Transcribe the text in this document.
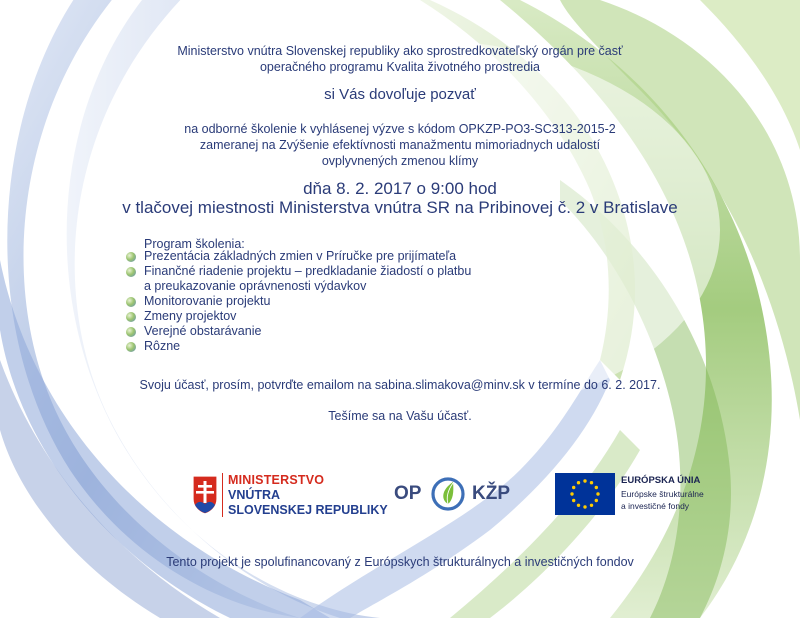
Ministerstvo vnútra Slovenskej republiky ako sprostredkovateľský orgán pre časť
operačného programu Kvalita životného prostredia
si Vás dovoľuje pozvať
na odborné školenie k vyhlásenej výzve s kódom OPKZP-PO3-SC313-2015-2
zameranej na Zvýšenie efektívnosti manažmentu mimoriadnych udalostí
ovplyvnených zmenou klímy
dňa 8. 2. 2017 o 9:00 hod
v tlačovej miestnosti Ministerstva vnútra SR na Pribinovej č. 2 v Bratislave
Program školenia:
Prezentácia základných zmien v Príručke pre prijímateľa
Finančné riadenie projektu – predkladanie žiadostí o platbu
a preukazovanie oprávnenosti výdavkov
Monitorovanie projektu
Zmeny projektov
Verejné obstarávanie
Rôzne
Svoju účasť, prosím, potvrďte emailom na sabina.slimakova@minv.sk v termíne do 6. 2. 2017.
Tešíme sa na Vašu účasť.
MINISTERSTVO
VNÚTRA
SLOVENSKEJ REPUBLIKY
OP	KŽP
EURÓPSKA ÚNIA
Európske štrukturálne
a investičné fondy
Tento projekt je spolufinancovaný z Európskych štrukturálnych a investičných fondov
